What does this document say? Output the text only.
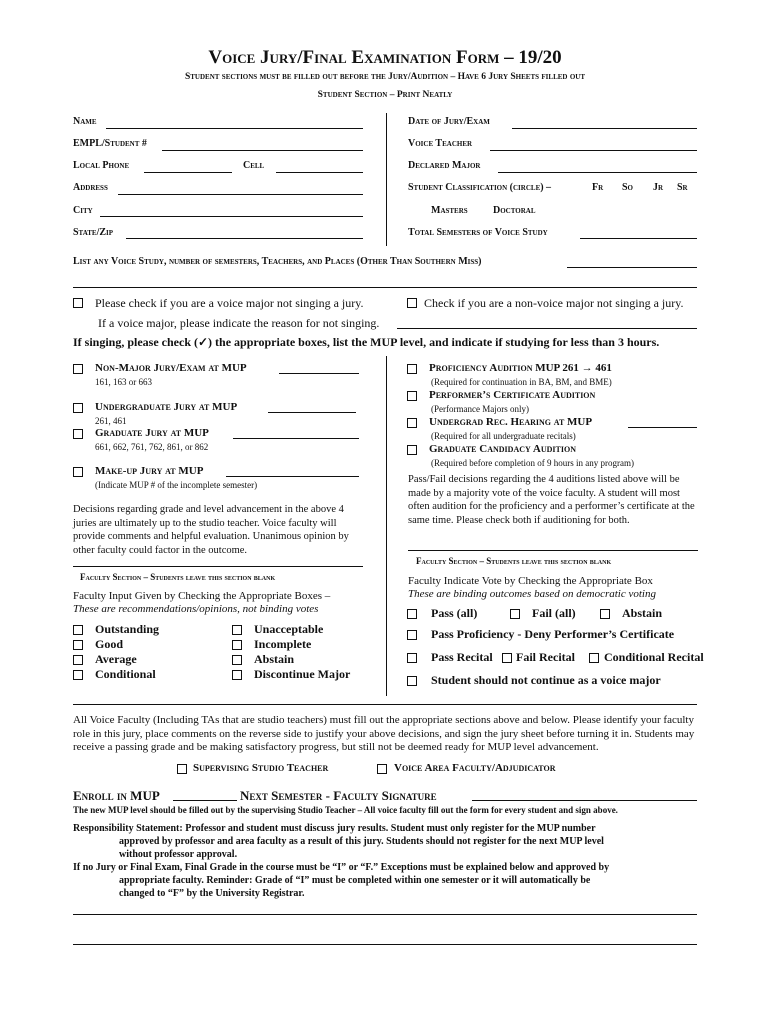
Voice Jury/Final Examination Form – 19/20
Student sections must be filled out before the Jury/Audition – Have 6 Jury Sheets filled out
Student Section – Print Neatly
Name
EMPL/Student #
Local Phone	Cell
Address
City
State/Zip
Date of Jury/Exam
Voice Teacher
Declared Major
Student Classification (circle) –	Fr So Jr Sr
Masters	Doctoral
Total Semesters of Voice Study
List any Voice Study, number of semesters, Teachers, and Places (Other Than Southern Miss)
Please check if you are a voice major not singing a jury.	Check if you are a non-voice major not singing a jury.
If a voice major, please indicate the reason for not singing.
If singing, please check (✓) the appropriate boxes, list the MUP level, and indicate if studying for less than 3 hours.
Non-Major Jury/Exam at MUP
161, 163 or 663
Undergraduate Jury at MUP
261, 461
Graduate Jury at MUP
661, 662, 761, 762, 861, or 862
Make-up Jury at MUP
(Indicate MUP # of the incomplete semester)
Decisions regarding grade and level advancement in the above 4 juries are ultimately up to the studio teacher. Voice faculty will provide comments and helpful evaluation. Unanimous opinion by other faculty could factor in the outcome.
Faculty Section – Students leave this section blank
Faculty Input Given by Checking the Appropriate Boxes –
These are recommendations/opinions, not binding votes
Outstanding
Good
Average
Conditional
Unacceptable
Incomplete
Abstain
Discontinue Major
Proficiency Audition MUP 261 → 461
(Required for continuation in BA, BM, and BME)
Performer’s Certificate Audition
(Performance Majors only)
Undergrad Rec. Hearing at MUP
(Required for all undergraduate recitals)
Graduate Candidacy Audition
(Required before completion of 9 hours in any program)
Pass/Fail decisions regarding the 4 auditions listed above will be made by a majority vote of the voice faculty. A student will most often audition for the proficiency and a performer’s certificate at the same time. Please check both if auditioning for both.
Faculty Section – Students leave this section blank
Faculty Indicate Vote by Checking the Appropriate Box
These are binding outcomes based on democratic voting
Pass (all)	Fail (all)	Abstain
Pass Proficiency - Deny Performer’s Certificate
Pass Recital Fail Recital Conditional Recital
Student should not continue as a voice major
All Voice Faculty (Including TAs that are studio teachers) must fill out the appropriate sections above and below. Please identify your faculty role in this jury, place comments on the reverse side to justify your above decisions, and sign the jury sheet before turning it in. Students may receive a passing grade and be making satisfactory progress, but still not be deemed ready for MUP level advancement.
Supervising Studio Teacher	Voice Area Faculty/Adjudicator
Enroll in MUP	Next Semester - Faculty Signature
The new MUP level should be filled out by the supervising Studio Teacher – All voice faculty fill out the form for every student and sign above.
Responsibility Statement: Professor and student must discuss jury results. Student must only register for the MUP number
approved by professor and area faculty as a result of this jury. Students should not register for the next MUP level
without professor approval.
If no Jury or Final Exam, Final Grade in the course must be “I” or “F.” Exceptions must be explained below and approved by
appropriate faculty. Reminder: Grade of “I” must be completed within one semester or it will automatically be
changed to “F” by the University Registrar.
